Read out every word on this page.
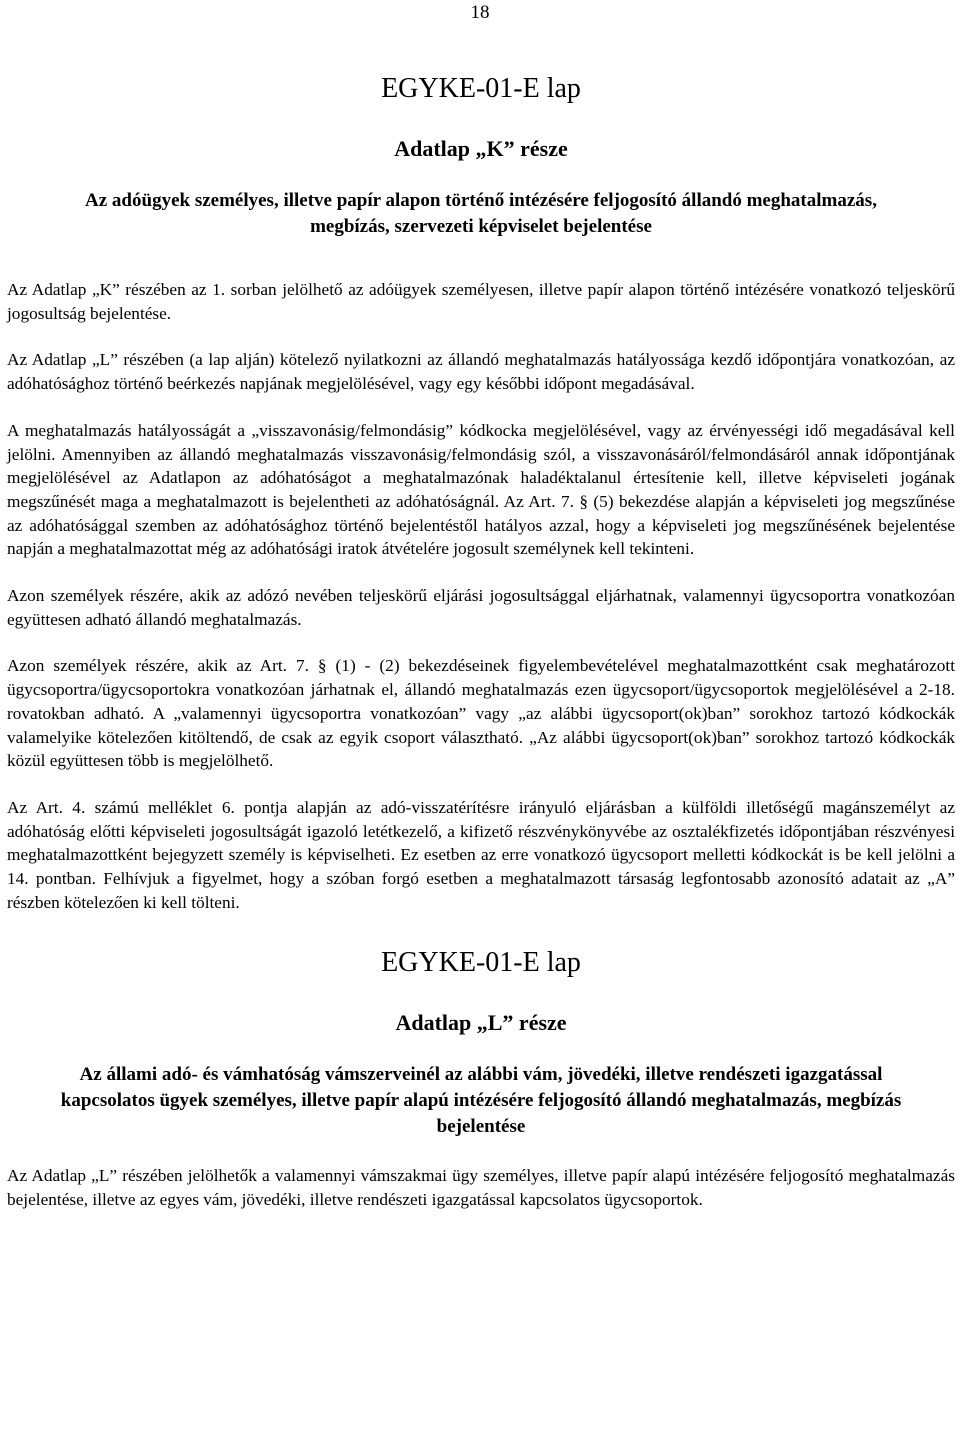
18
EGYKE-01-E lap
Adatlap „K” része

Az adóügyek személyes, illetve papír alapon történő intézésére feljogosító állandó meghatalmazás, megbízás, szervezeti képviselet bejelentése

Az Adatlap „K” részében az 1. sorban jelölhető az adóügyek személyesen, illetve papír alapon történő intézésére vonatkozó teljeskörű jogosultság bejelentése.

Az Adatlap „L” részében (a lap alján) kötelező nyilatkozni az állandó meghatalmazás hatályossága kezdő időpontjára vonatkozóan, az adóhatósághoz történő beérkezés napjának megjelölésével, vagy egy későbbi időpont megadásával.

A meghatalmazás hatályosságát a „visszavonásig/felmondásig” kódkocka megjelölésével, vagy az érvényességi idő megadásával kell jelölni. Amennyiben az állandó meghatalmazás visszavonásig/felmondásig szól, a visszavonásáról/felmondásáról annak időpontjának megjelölésével az Adatlapon az adóhatóságot a meghatalmazónak haladéktalanul értesítenie kell, illetve képviseleti jogának megszűnését maga a meghatalmazott is bejelentheti az adóhatóságnál. Az Art. 7. § (5) bekezdése alapján a képviseleti jog megszűnése az adóhatósággal szemben az adóhatósághoz történő bejelentéstől hatályos azzal, hogy a képviseleti jog megszűnésének bejelentése napján a meghatalmazottat még az adóhatósági iratok átvételére jogosult személynek kell tekinteni.

Azon személyek részére, akik az adózó nevében teljeskörű eljárási jogosultsággal eljárhatnak, valamennyi ügycsoportra vonatkozóan együttesen adható állandó meghatalmazás.

Azon személyek részére, akik az Art. 7. § (1) - (2) bekezdéseinek figyelembevételével meghatalmazottként csak meghatározott ügycsoportra/ügycsoportokra vonatkozóan járhatnak el, állandó meghatalmazás ezen ügycsoport/ügycsoportok megjelölésével a 2-18. rovatokban adható. A „valamennyi ügycsoportra vonatkozóan” vagy „az alábbi ügycsoport(ok)ban” sorokhoz tartozó kódkockák valamelyike kötelezően kitöltendő, de csak az egyik csoport választható. „Az alábbi ügycsoport(ok)ban” sorokhoz tartozó kódkockák közül együttesen több is megjelölhető.

Az Art. 4. számú melléklet 6. pontja alapján az adó-visszatérítésre irányuló eljárásban a külföldi illetőségű magánszemélyt az adóhatóság előtti képviseleti jogosultságát igazoló letétkezelő, a kifizető részvénykönyvébe az osztalékfizetés időpontjában részvényesi meghatalmazottként bejegyzett személy is képviselheti. Ez esetben az erre vonatkozó ügycsoport melletti kódkockát is be kell jelölni a 14. pontban. Felhívjuk a figyelmet, hogy a szóban forgó esetben a meghatalmazott társaság legfontosabb azonosító adatait az „A” részben kötelezően ki kell tölteni.

EGYKE-01-E lap
Adatlap „L” része

Az állami adó- és vámhatóság vámszerveinél az alábbi vám, jövedéki, illetve rendészeti igazgatással kapcsolatos ügyek személyes, illetve papír alapú intézésére feljogosító állandó meghatalmazás, megbízás bejelentése

Az Adatlap „L” részében jelölhetők a valamennyi vámszakmai ügy személyes, illetve papír alapú intézésére feljogosító meghatalmazás bejelentése, illetve az egyes vám, jövedéki, illetve rendészeti igazgatással kapcsolatos ügycsoportok.
